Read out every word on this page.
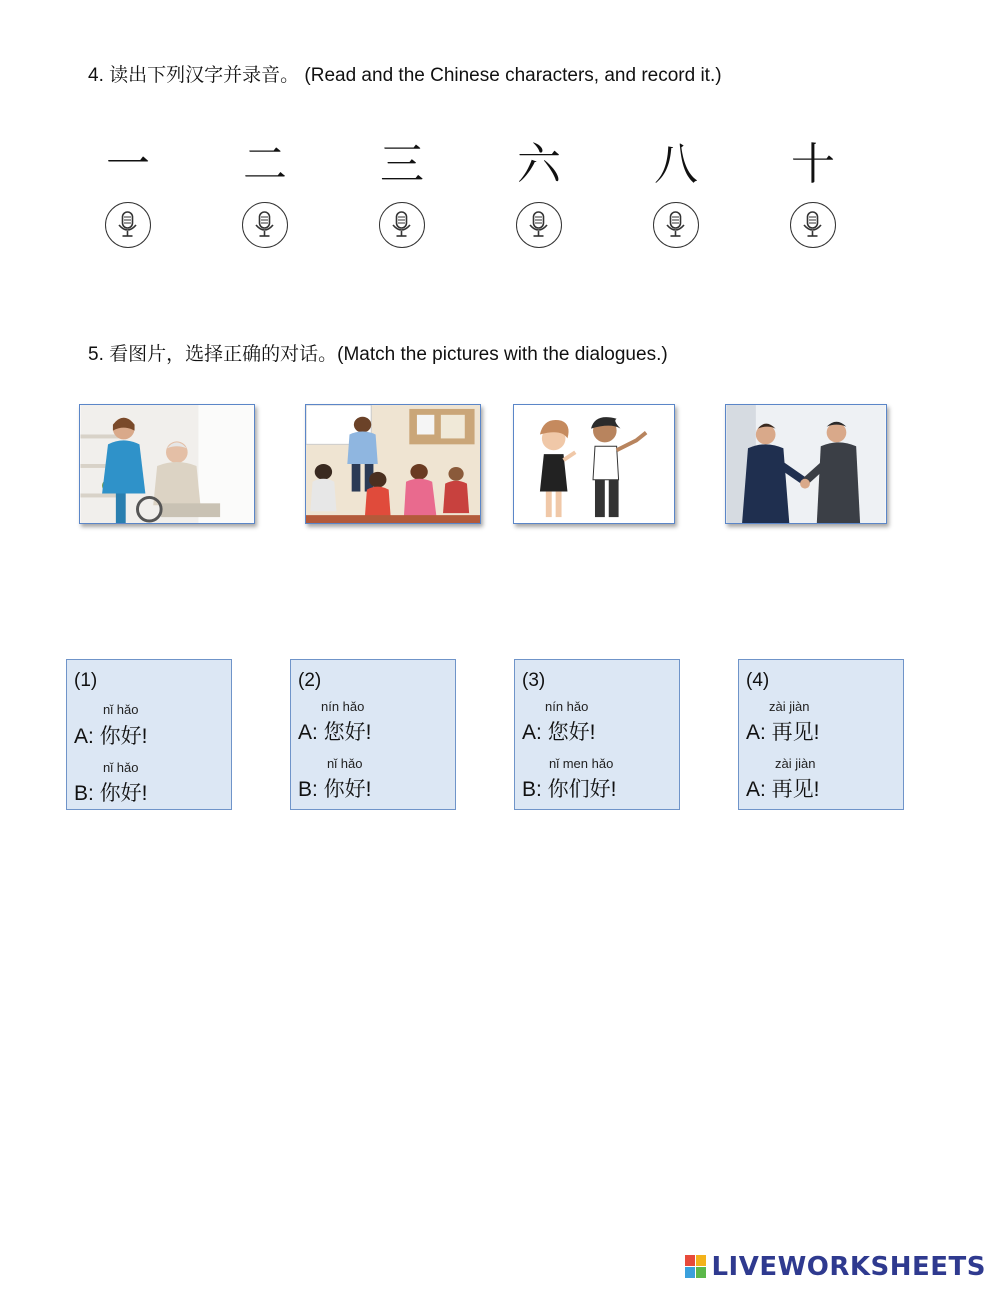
4. 读出下列汉字并录音。 (Read and the Chinese characters, and record it.)
一 二 三 六 八 十
5. 看图片，选择正确的对话。(Match the pictures with the dialogues.)
(1)
nǐ hǎo
A: 你好!
nǐ hǎo
B: 你好!
(2)
nín hǎo
A: 您好!
nǐ hǎo
B: 你好!
(3)
nín hǎo
A: 您好!
nǐ men hǎo
B: 你们好!
(4)
zài jiàn
A: 再见!
zài jiàn
A: 再见!
LIVEWORKSHEETS
